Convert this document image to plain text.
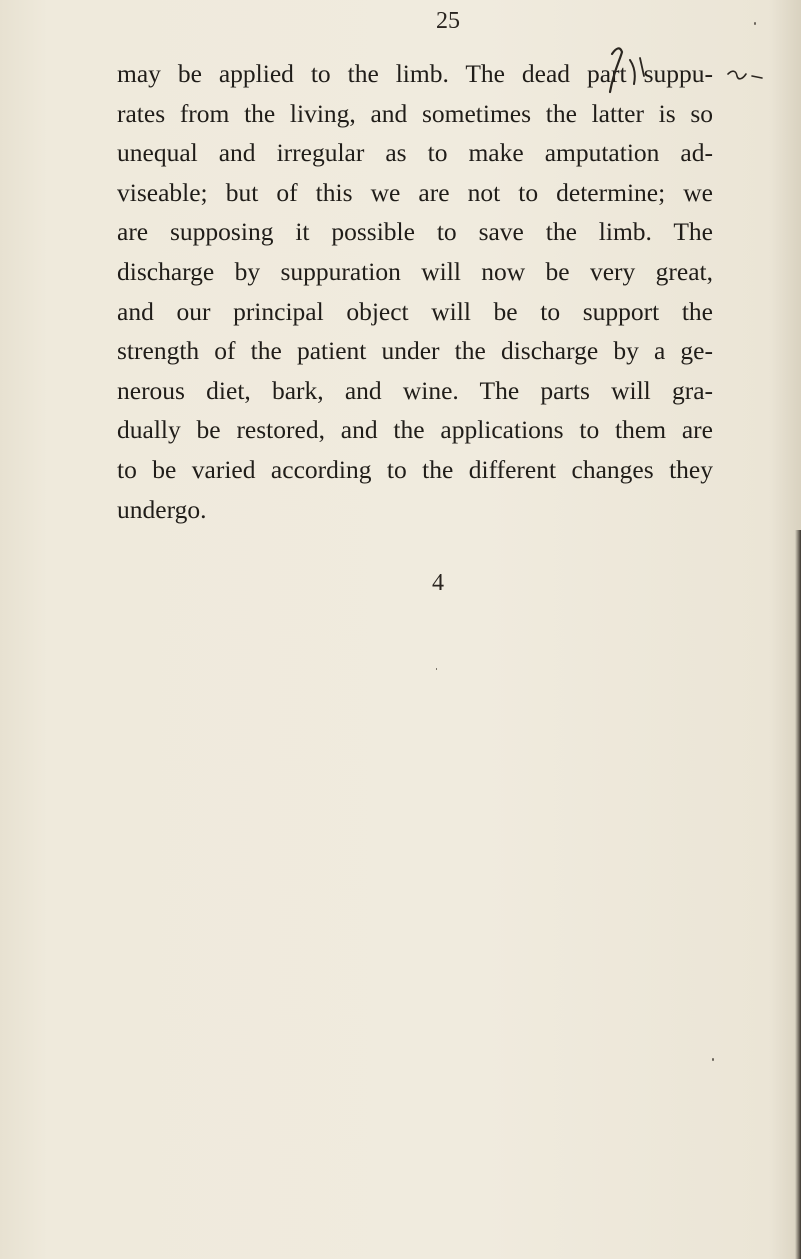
25

may be applied to the limb. The dead part suppu-
rates from the living, and sometimes the latter is so
unequal and irregular as to make amputation ad-
viseable; but of this we are not to determine; we
are supposing it possible to save the limb. The
discharge by suppuration will now be very great,
and our principal object will be to support the
strength of the patient under the discharge by a ge-
nerous diet, bark, and wine. The parts will gra-
dually be restored, and the applications to them are
to be varied according to the different changes they
undergo.

4
